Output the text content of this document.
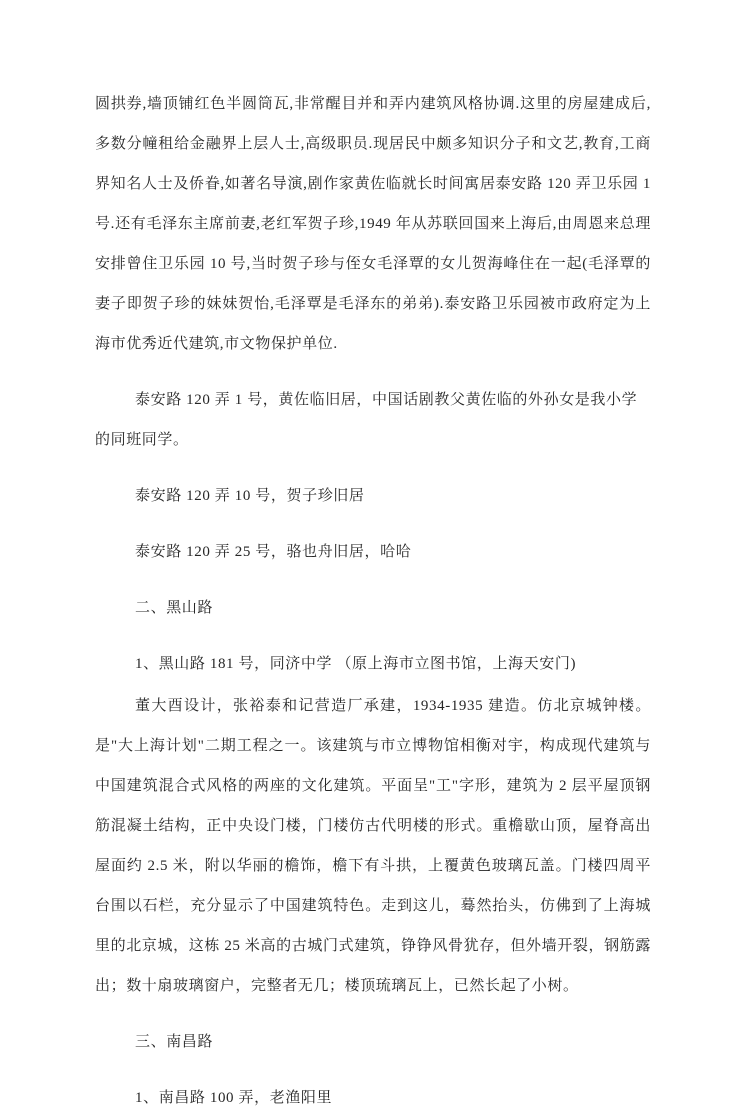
圆拱券,墙顶铺红色半圆筒瓦,非常醒目并和弄内建筑风格协调.这里的房屋建成后,多数分幢租给金融界上层人士,高级职员.现居民中颇多知识分子和文艺,教育,工商界知名人士及侨眷,如著名导演,剧作家黄佐临就长时间寓居泰安路 120 弄卫乐园 1 号.还有毛泽东主席前妻,老红军贺子珍,1949 年从苏联回国来上海后,由周恩来总理安排曾住卫乐园 10 号,当时贺子珍与侄女毛泽覃的女儿贺海峰住在一起(毛泽覃的妻子即贺子珍的妹妹贺怡,毛泽覃是毛泽东的弟弟).泰安路卫乐园被市政府定为上海市优秀近代建筑,市文物保护单位.

泰安路 120 弄 1 号，黄佐临旧居，中国话剧教父黄佐临的外孙女是我小学的同班同学。

泰安路 120 弄 10 号，贺子珍旧居

泰安路 120 弄 25 号，骆也舟旧居，哈哈

二、黑山路

1、黑山路 181 号，同济中学 （原上海市立图书馆，上海天安门)

董大酉设计，张裕泰和记营造厂承建，1934-1935 建造。仿北京城钟楼。是"大上海计划"二期工程之一。该建筑与市立博物馆相衡对宇，构成现代建筑与中国建筑混合式风格的两座的文化建筑。平面呈"工"字形，建筑为 2 层平屋顶钢筋混凝土结构，正中央设门楼，门楼仿古代明楼的形式。重檐歇山顶，屋脊高出屋面约 2.5 米，附以华丽的檐饰，檐下有斗拱，上覆黄色玻璃瓦盖。门楼四周平台围以石栏，充分显示了中国建筑特色。走到这儿，蓦然抬头，仿佛到了上海城里的北京城，这栋 25 米高的古城门式建筑，铮铮风骨犹存，但外墙开裂，钢筋露出；数十扇玻璃窗户，完整者无几；楼顶琉璃瓦上，已然长起了小树。

三、南昌路

1、南昌路 100 弄，老渔阳里
